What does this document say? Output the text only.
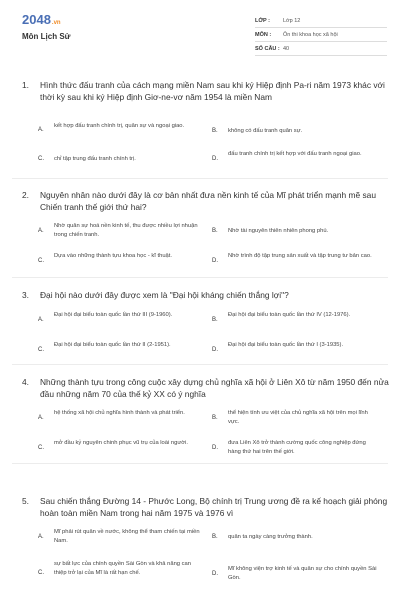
2048.vn
Môn Lịch Sử
LỚP :	Lớp 12
MÔN :	Ôn thi khoa học xã hội
SỐ CÂU : 40
1. Hình thức đấu tranh của cách mạng miền Nam sau khi ký Hiệp định Pa-ri năm 1973 khác với thời kỳ sau khi ký Hiệp định Giơ-ne-vơ năm 1954 là miền Nam
A.
kết hợp đấu tranh chính trị, quân sự và ngoại giao.
B. không có đấu tranh quân sự.
C. chỉ tập trung đấu tranh chính trị.	D.
đấu tranh chính trị kết hợp với đấu tranh ngoại giao.
2. Nguyên nhân nào dưới đây là cơ bản nhất đưa nền kinh tế của Mĩ phát triển mạnh mẽ sau Chiến tranh thế giới thứ hai?
A.
Nhờ quân sự hoá nền kinh tế, thu được nhiều lợi nhuận trong chiến tranh.
B. Nhờ tài nguyên thiên nhiên phong phú.
C.
Dựa vào những thành tựu khoa học - kĩ thuật.
D.
Nhờ trình độ tập trung sản xuất và tập trung tư bản cao.
3. Đại hội nào dưới đây được xem là "Đại hội kháng chiến thắng lợi"?
A.
Đại hội đại biểu toàn quốc lần thứ III (9-1960).
B.
Đại hội đại biểu toàn quốc lần thứ IV (12-1976).
C.
Đại hội đại biểu toàn quốc lần thứ II (2-1951).
D.
Đại hội đại biểu toàn quốc lần thứ I (3-1935).
4. Những thành tựu trong công cuộc xây dựng chủ nghĩa xã hội ở Liên Xô từ năm 1950 đến nửa đầu những năm 70 của thế kỷ XX có ý nghĩa
A.
hệ thống xã hội chủ nghĩa hình thành và phát triển.
B.
thể hiện tính ưu việt của chủ nghĩa xã hội trên mọi lĩnh vực.
C.
mở đầu kỷ nguyên chinh phục vũ trụ của loài người.
D.
đưa Liên Xô trở thành cường quốc công nghiệp đứng hàng thứ hai trên thế giới.
5. Sau chiến thắng Đường 14 - Phước Long, Bộ chính trị Trung ương đề ra kế hoạch giải phóng hoàn toàn miền Nam trong hai năm 1975 và 1976 vì
A.
Mĩ phải rút quân về nước, không thể tham chiến tại miền Nam.
B. quân ta ngày càng trưởng thành.
C.
sự bất lực của chính quyền Sài Gòn và khả năng can thiệp trở lại của Mĩ là rất hạn chế.	D.
Mĩ không viện trợ kinh tế và quân sự cho chính quyền Sài Gòn.
